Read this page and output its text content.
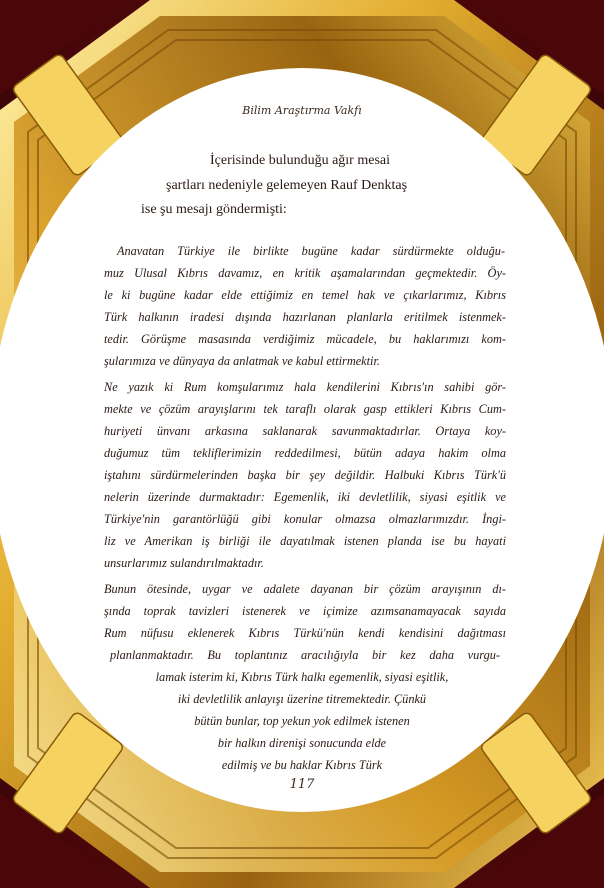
Bilim Araştırma Vakfı
İçerisinde bulunduğu ağır mesai
şartları nedeniyle gelemeyen Rauf Denktaş
ise şu mesajı göndermişti:
Anavatan Türkiye ile birlikte bugüne kadar sürdürmekte olduğu-
muz Ulusal Kıbrıs davamız, en kritik aşamalarından geçmektedir. Öy-
le ki bugüne kadar elde ettiğimiz en temel hak ve çıkarlarımız, Kıbrıs
Türk halkının iradesi dışında hazırlanan planlarla eritilmek istenmek-
tedir. Görüşme masasında verdiğimiz mücadele, bu haklarımızı kom-
şularımıza ve dünyaya da anlatmak ve kabul ettirmektir.
Ne yazık ki Rum komşularımız hala kendilerini Kıbrıs'ın sahibi gör-
mekte ve çözüm arayışlarını tek taraflı olarak gasp ettikleri Kıbrıs Cum-
huriyeti ünvanı arkasına saklanarak savunmaktadırlar. Ortaya koy-
duğumuz tüm tekliflerimizin reddedilmesi, bütün adaya hakim olma
iştahını sürdürmelerinden başka bir şey değildir. Halbuki Kıbrıs Türk'ü
nelerin üzerinde durmaktadır: Egemenlik, iki devletlilik, siyasi eşitlik ve
Türkiye'nin garantörlüğü gibi konular olmazsa olmazlarımızdır. İngi-
liz ve Amerikan iş birliği ile dayatılmak istenen planda ise bu hayati
unsurlarımız sulandırılmaktadır.
Bunun ötesinde, uygar ve adalete dayanan bir çözüm arayışının dı-
şında toprak tavizleri istenerek ve içimize azımsanamayacak sayıda
Rum nüfusu eklenerek Kıbrıs Türkü'nün kendi kendisini dağıtması
planlanmaktadır. Bu toplantınız aracılığıyla bir kez daha vurgu-
lamak isterim ki, Kıbrıs Türk halkı egemenlik, siyasi eşitlik,
iki devletlilik anlayışı üzerine titremektedir. Çünkü
bütün bunlar, top yekun yok edilmek istenen
bir halkın direnişi sonucunda elde
edilmiş ve bu haklar Kıbrıs Türk
117
